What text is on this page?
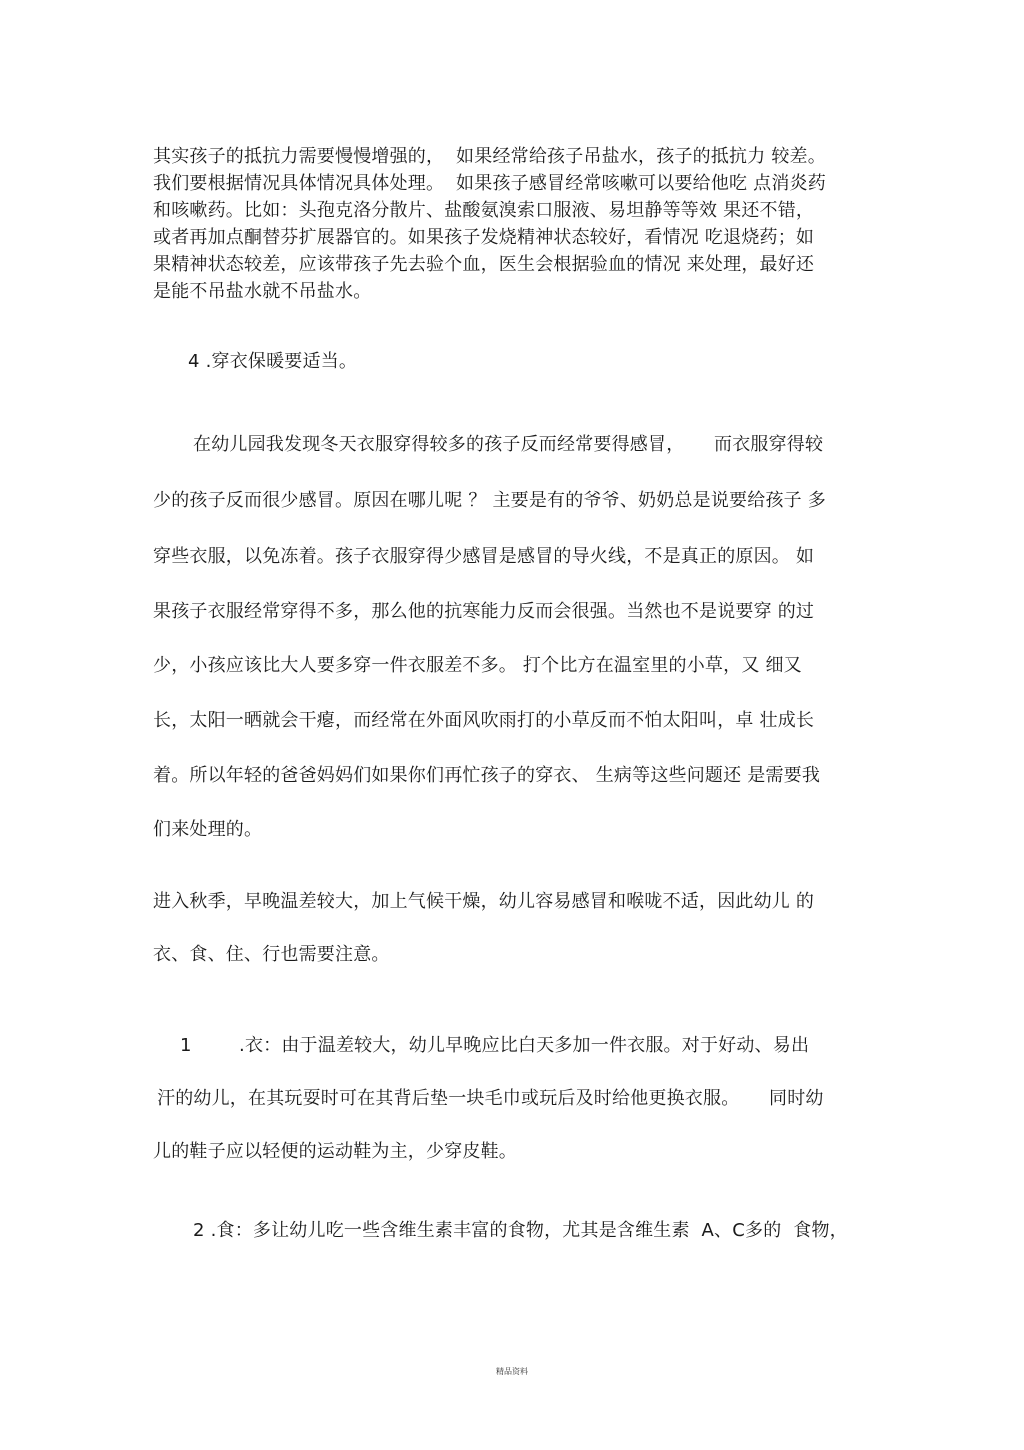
其实孩子的抵抗力需要慢慢增强的，  如果经常给孩子吊盐水，孩子的抵抗力 较差。
我们要根据情况具体情况具体处理。  如果孩子感冒经常咳嗽可以要给他吃 点消炎药
和咳嗽药。比如：头孢克洛分散片、盐酸氨溴索口服液、易坦静等等效 果还不错，
或者再加点酮替芬扩展器官的。如果孩子发烧精神状态较好，看情况 吃退烧药；如
果精神状态较差，应该带孩子先去验个血，医生会根据验血的情况 来处理，最好还
是能不吊盐水就不吊盐水。
4 .穿衣保暖要适当。
在幼儿园我发现冬天衣服穿得较多的孩子反而经常要得感冒，     而衣服穿得较
少的孩子反而很少感冒。原因在哪儿呢 ？ 主要是有的爷爷、奶奶总是说要给孩子 多
穿些衣服，以免冻着。孩子衣服穿得少感冒是感冒的导火线，不是真正的原因。 如
果孩子衣服经常穿得不多，那么他的抗寒能力反而会很强。当然也不是说要穿 的过
少，小孩应该比大人要多穿一件衣服差不多。 打个比方在温室里的小草，又 细又
长，太阳一晒就会干瘪，而经常在外面风吹雨打的小草反而不怕太阳叫，卓 壮成长
着。所以年轻的爸爸妈妈们如果你们再忙孩子的穿衣、 生病等这些问题还 是需要我
们来处理的。
进入秋季，早晚温差较大，加上气候干燥，幼儿容易感冒和喉咙不适，因此幼儿 的
衣、食、住、行也需要注意。
1        .衣：由于温差较大，幼儿早晚应比白天多加一件衣服。对于好动、易出
汗的幼儿，在其玩耍时可在其背后垫一块毛巾或玩后及时给他更换衣服。     同时幼
儿的鞋子应以轻便的运动鞋为主，少穿皮鞋。
2 .食：多让幼儿吃一些含维生素丰富的食物，尤其是含维生素  A、C多的  食物，
精品资料
